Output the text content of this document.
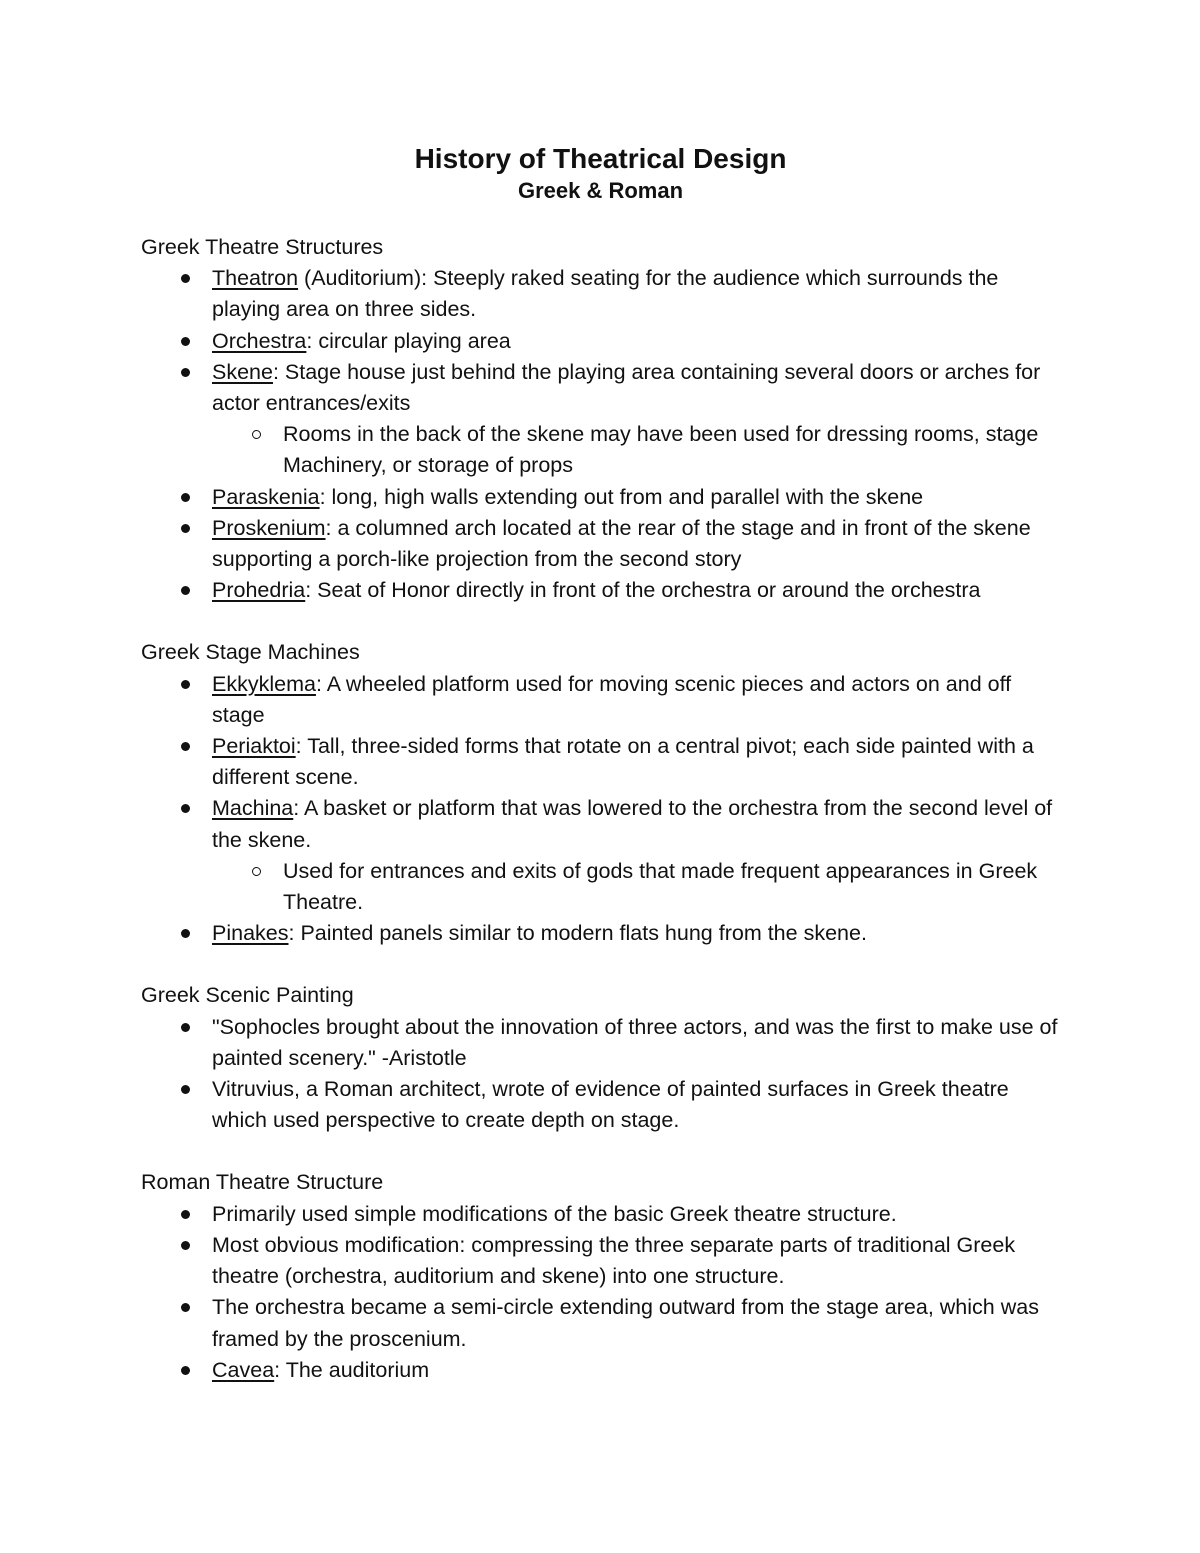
History of Theatrical Design
Greek & Roman

Greek Theatre Structures

Theatron (Auditorium): Steeply raked seating for the audience which surrounds the playing area on three sides.
Orchestra: circular playing area
Skene: Stage house just behind the playing area containing several doors or arches for actor entrances/exits
Rooms in the back of the skene may have been used for dressing rooms, stage Machinery, or storage of props
Paraskenia: long, high walls extending out from and parallel with the skene
Proskenium: a columned arch located at the rear of the stage and in front of the skene supporting a porch-like projection from the second story
Prohedria: Seat of Honor directly in front of the orchestra or around the orchestra

Greek Stage Machines

Ekkyklema: A wheeled platform used for moving scenic pieces and actors on and off stage
Periaktoi: Tall, three-sided forms that rotate on a central pivot; each side painted with a different scene.
Machina: A basket or platform that was lowered to the orchestra from the second level of the skene.
Used for entrances and exits of gods that made frequent appearances in Greek Theatre.
Pinakes: Painted panels similar to modern flats hung from the skene.

Greek Scenic Painting

"Sophocles brought about the innovation of three actors, and was the first to make use of painted scenery." -Aristotle
Vitruvius, a Roman architect, wrote of evidence of painted surfaces in Greek theatre which used perspective to create depth on stage.

Roman Theatre Structure

Primarily used simple modifications of the basic Greek theatre structure.
Most obvious modification: compressing the three separate parts of traditional Greek theatre (orchestra, auditorium and skene) into one structure.
The orchestra became a semi-circle extending outward from the stage area, which was framed by the proscenium.
Cavea: The auditorium
